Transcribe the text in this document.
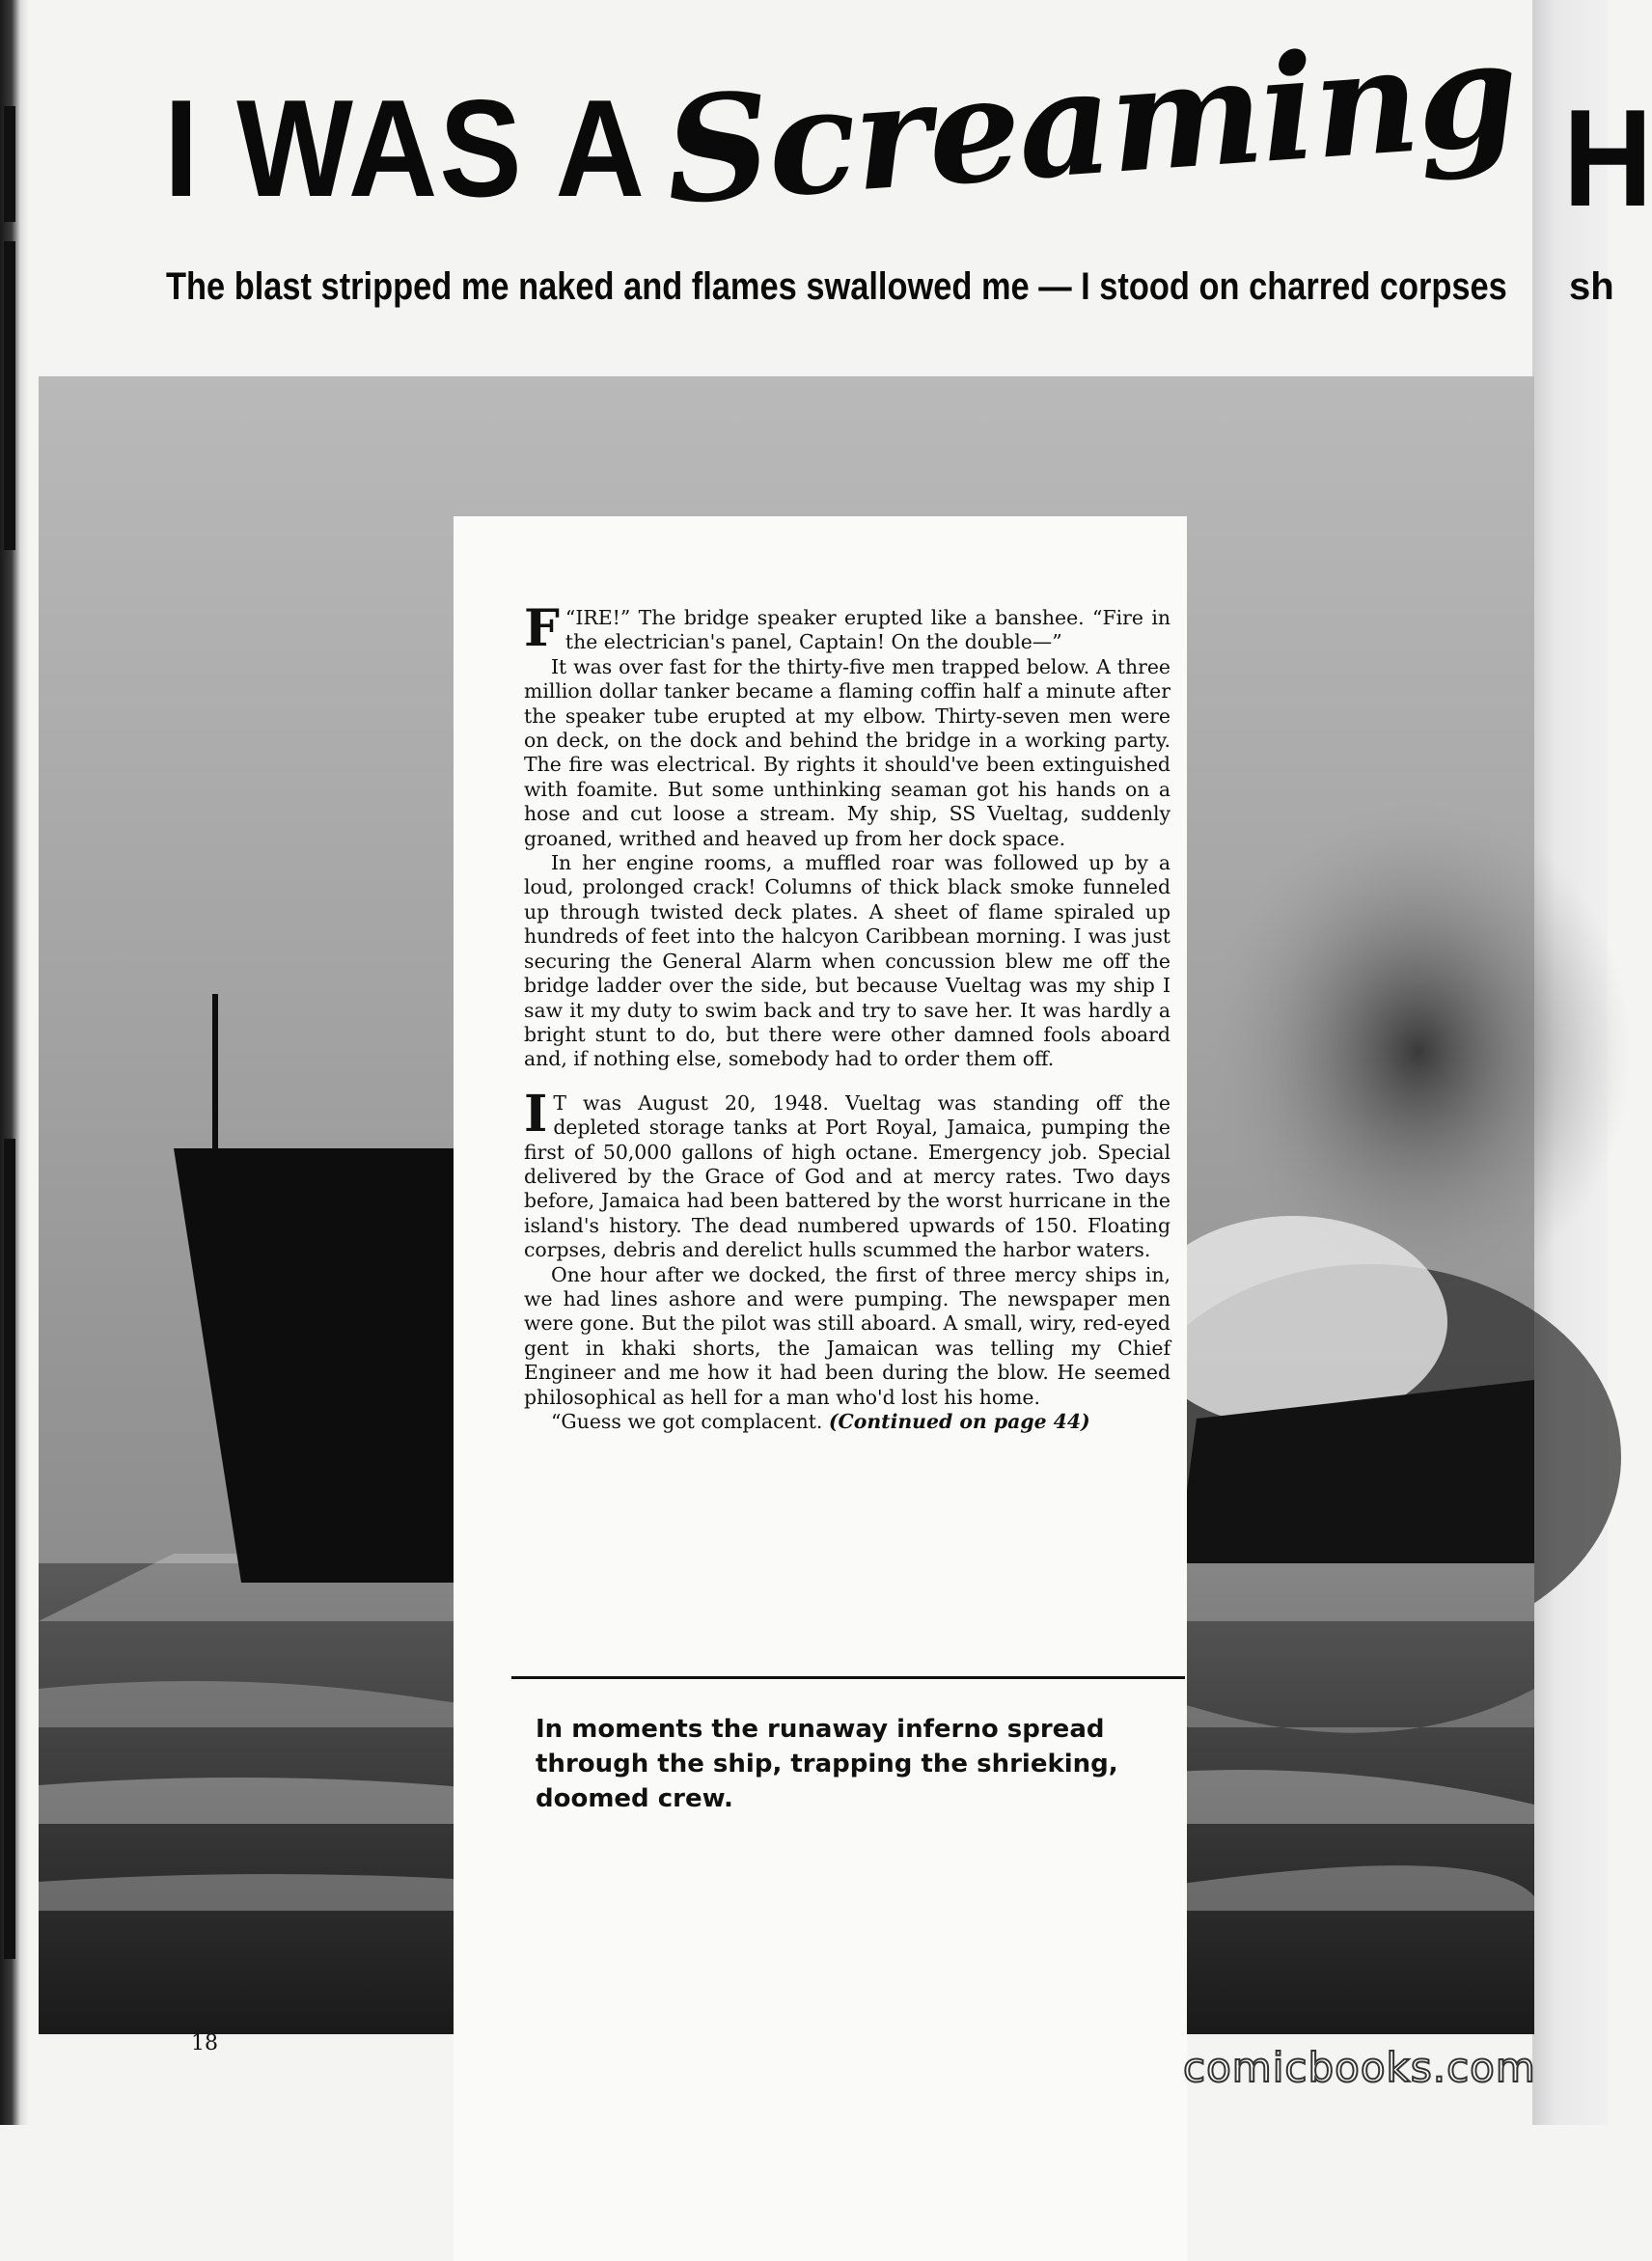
I WAS A Screaming H
The blast stripped me naked and flames swallowed me — I stood on charred corpses sh

F “IRE!” The bridge speaker erupted like a banshee. “Fire in the electrician's panel, Captain! On the double—”

It was over fast for the thirty-five men trapped below. A three million dollar tanker became a flaming coffin half a minute after the speaker tube erupted at my elbow. Thirty-seven men were on deck, on the dock and behind the bridge in a working party. The fire was electrical. By rights it should've been extinguished with foamite. But some unthinking seaman got his hands on a hose and cut loose a stream. My ship, SS Vueltag, suddenly groaned, writhed and heaved up from her dock space.

In her engine rooms, a muffled roar was followed up by a loud, prolonged crack! Columns of thick black smoke funneled up through twisted deck plates. A sheet of flame spiraled up hundreds of feet into the halcyon Caribbean morning. I was just securing the General Alarm when concussion blew me off the bridge ladder over the side, but because Vueltag was my ship I saw it my duty to swim back and try to save her. It was hardly a bright stunt to do, but there were other damned fools aboard and, if nothing else, somebody had to order them off.

I T was August 20, 1948. Vueltag was standing off the depleted storage tanks at Port Royal, Jamaica, pumping the first of 50,000 gallons of high octane. Emergency job. Special delivered by the Grace of God and at mercy rates. Two days before, Jamaica had been battered by the worst hurricane in the island's history. The dead numbered upwards of 150. Floating corpses, debris and derelict hulls scummed the harbor waters.

One hour after we docked, the first of three mercy ships in, we had lines ashore and were pumping. The newspaper men were gone. But the pilot was still aboard. A small, wiry, red-eyed gent in khaki shorts, the Jamaican was telling my Chief Engineer and me how it had been during the blow. He seemed philosophical as hell for a man who'd lost his home.

“Guess we got complacent. (Continued on page 44)

In moments the runaway inferno spread through the ship, trapping the shrieking, doomed crew.
18
comicbooks.com
